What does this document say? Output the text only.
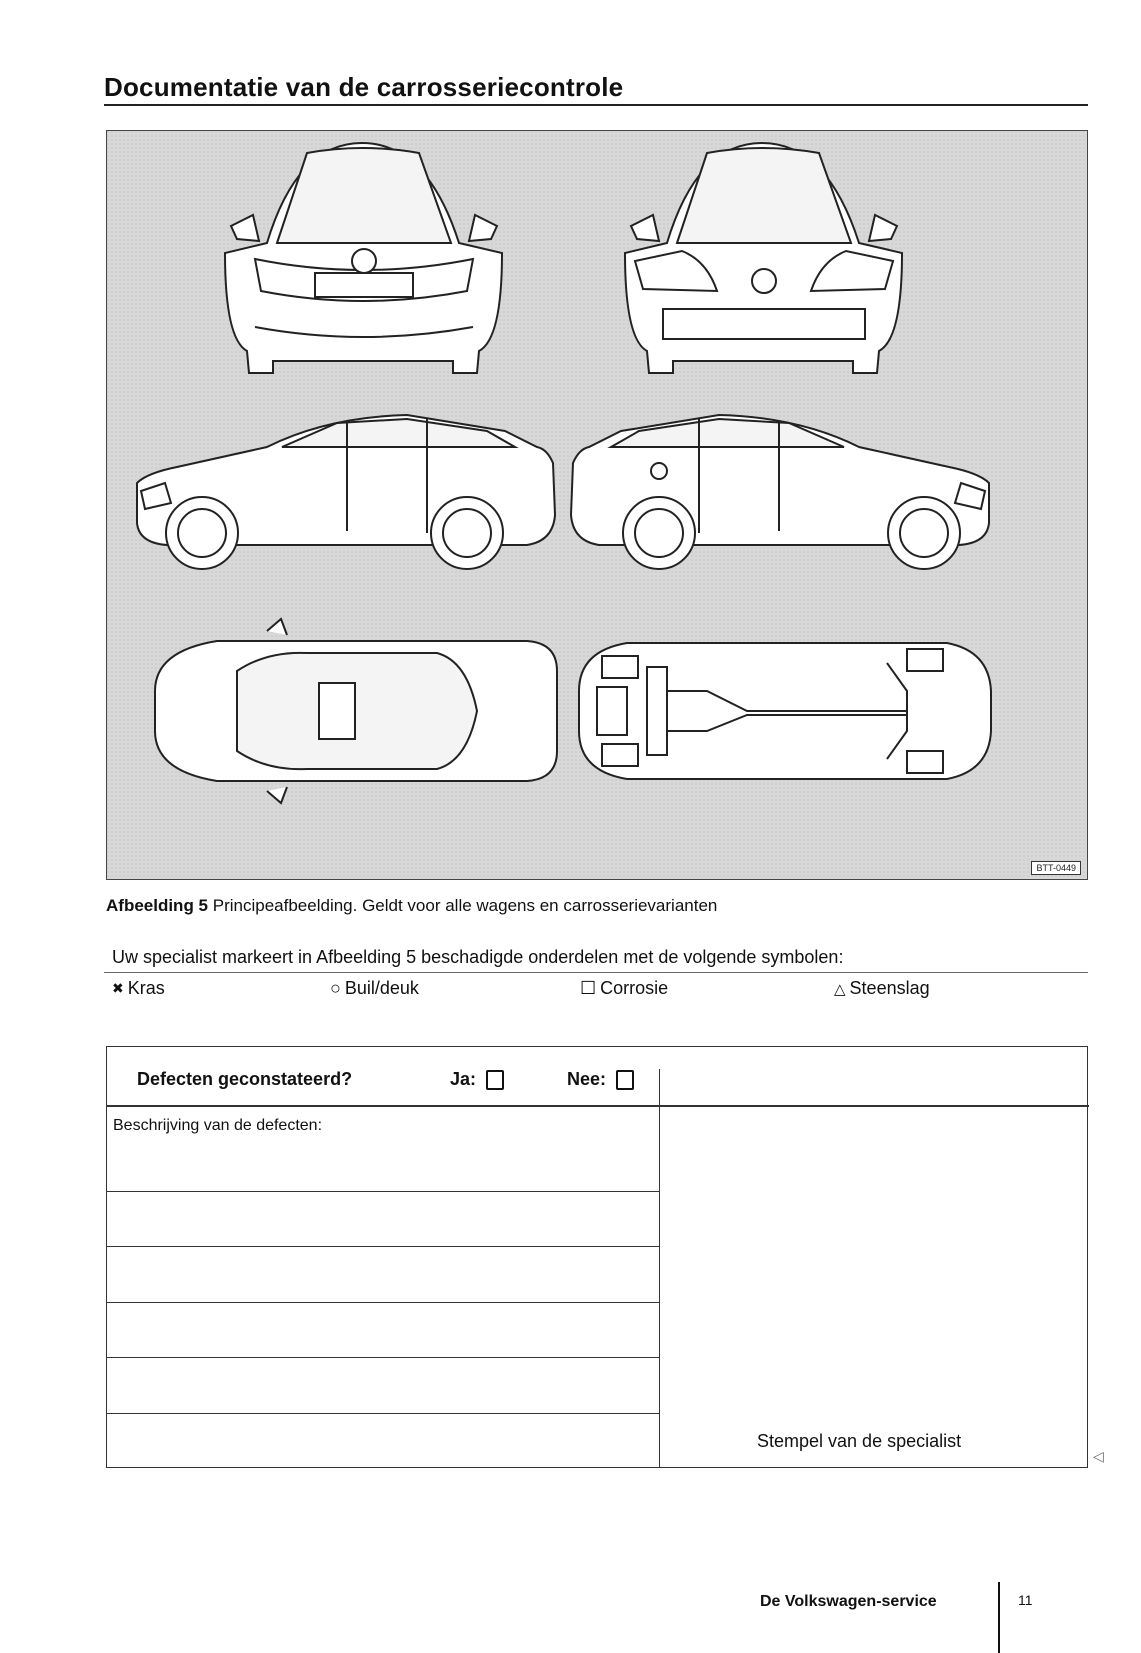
Documentatie van de carrosseriecontrole
BTT-0449
Afbeelding 5 Principeafbeelding. Geldt voor alle wagens en carrosserievarianten
Uw specialist markeert in Afbeelding 5 beschadigde onderdelen met de volgende symbolen:
✖ Kras	○ Buil/deuk	☐ Corrosie	△ Steenslag
Defecten geconstateerd?	Ja:	Nee:
Beschrijving van de defecten:
Stempel van de specialist
◁
De Volkswagen-service	11
